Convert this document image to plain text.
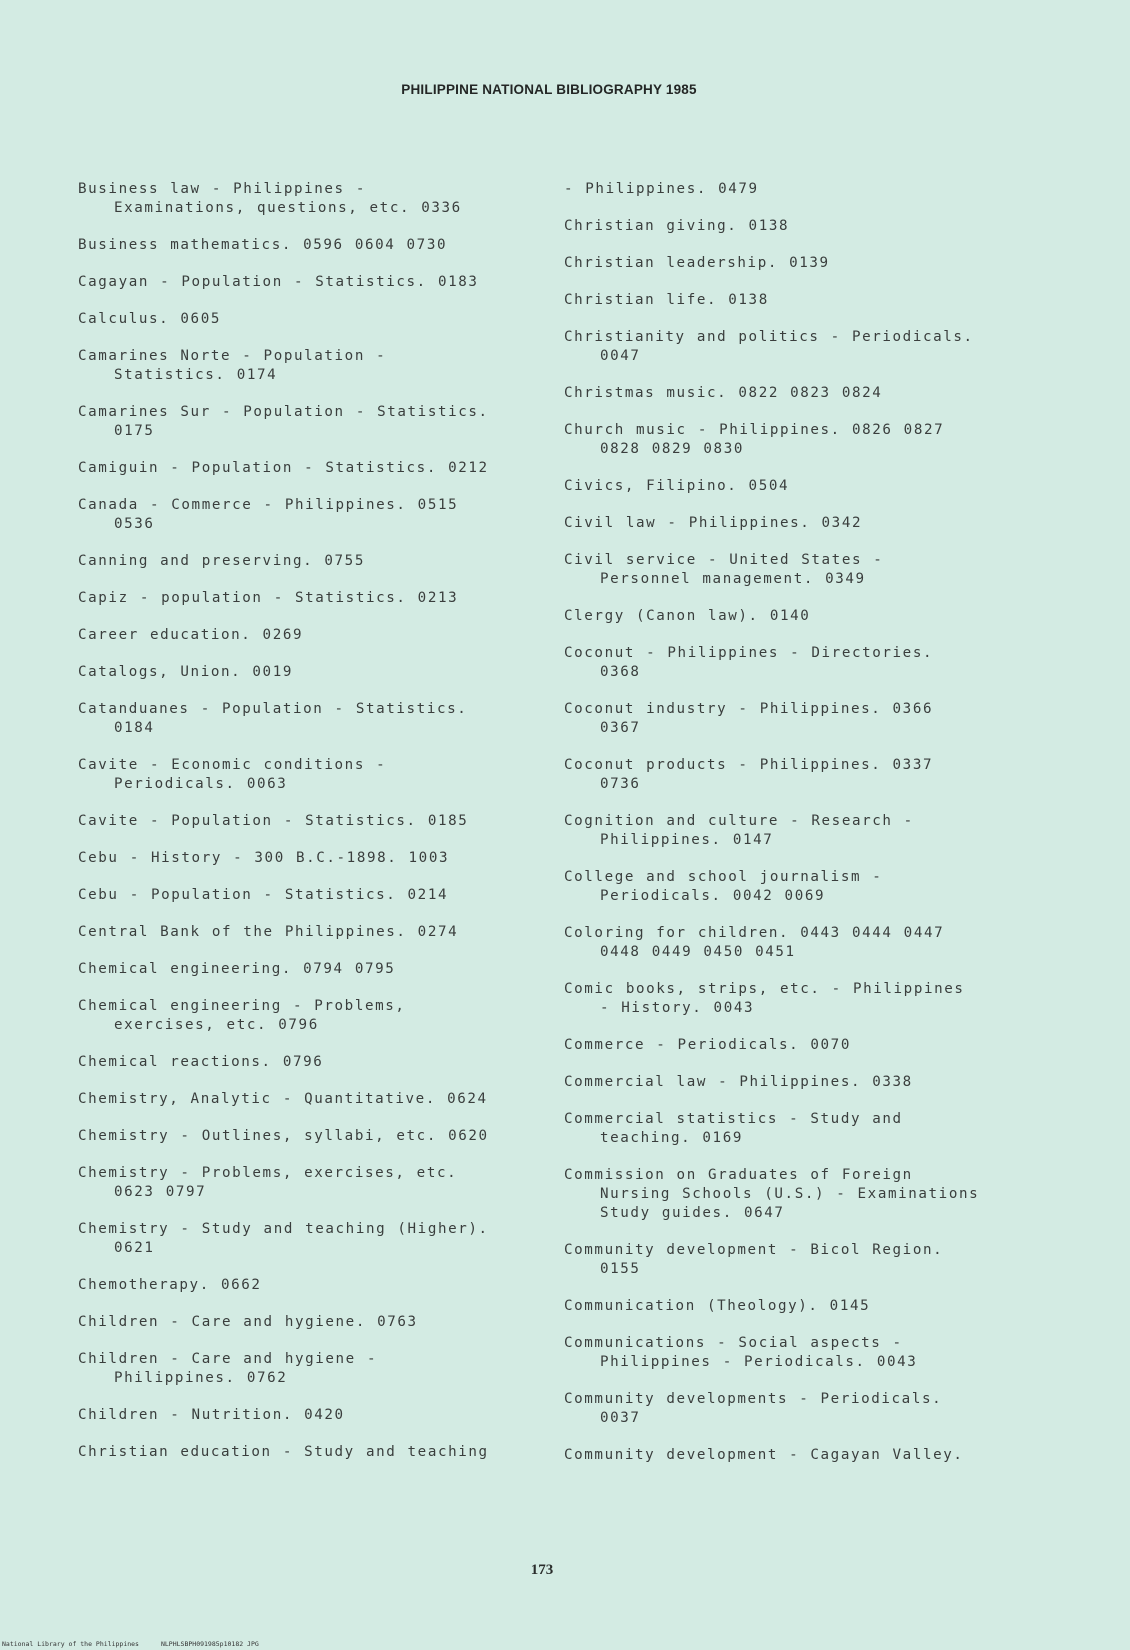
PHILIPPINE NATIONAL BIBLIOGRAPHY 1985
Business law - Philippines -
Examinations, questions, etc. 0336
Business mathematics. 0596 0604 0730
Cagayan - Population - Statistics. 0183
Calculus. 0605
Camarines Norte - Population -
Statistics. 0174
Camarines Sur - Population - Statistics.
0175
Camiguin - Population - Statistics. 0212
Canada - Commerce - Philippines. 0515
0536
Canning and preserving. 0755
Capiz - population - Statistics. 0213
Career education. 0269
Catalogs, Union. 0019
Catanduanes - Population - Statistics.
0184
Cavite - Economic conditions -
Periodicals. 0063
Cavite - Population - Statistics. 0185
Cebu - History - 300 B.C.-1898. 1003
Cebu - Population - Statistics. 0214
Central Bank of the Philippines. 0274
Chemical engineering. 0794 0795
Chemical engineering - Problems,
exercises, etc. 0796
Chemical reactions. 0796
Chemistry, Analytic - Quantitative. 0624
Chemistry - Outlines, syllabi, etc. 0620
Chemistry - Problems, exercises, etc.
0623 0797
Chemistry - Study and teaching (Higher).
0621
Chemotherapy. 0662
Children - Care and hygiene. 0763
Children - Care and hygiene -
Philippines. 0762
Children - Nutrition. 0420
Christian education - Study and teaching
- Philippines. 0479
Christian giving. 0138
Christian leadership. 0139
Christian life. 0138
Christianity and politics - Periodicals.
0047
Christmas music. 0822 0823 0824
Church music - Philippines. 0826 0827
0828 0829 0830
Civics, Filipino. 0504
Civil law - Philippines. 0342
Civil service - United States -
Personnel management. 0349
Clergy (Canon law). 0140
Coconut - Philippines - Directories.
0368
Coconut industry - Philippines. 0366
0367
Coconut products - Philippines. 0337
0736
Cognition and culture - Research -
Philippines. 0147
College and school journalism -
Periodicals. 0042 0069
Coloring for children. 0443 0444 0447
0448 0449 0450 0451
Comic books, strips, etc. - Philippines
- History. 0043
Commerce - Periodicals. 0070
Commercial law - Philippines. 0338
Commercial statistics - Study and
teaching. 0169
Commission on Graduates of Foreign
Nursing Schools (U.S.) - Examinations Study guides. 0647
Community development - Bicol Region.
0155
Communication (Theology). 0145
Communications - Social aspects -
Philippines - Periodicals. 0043
Community developments - Periodicals.
0037
Community development - Cagayan Valley.
173
National Library of the Philippines	NLPHLSBPH091985p10182 JPG
